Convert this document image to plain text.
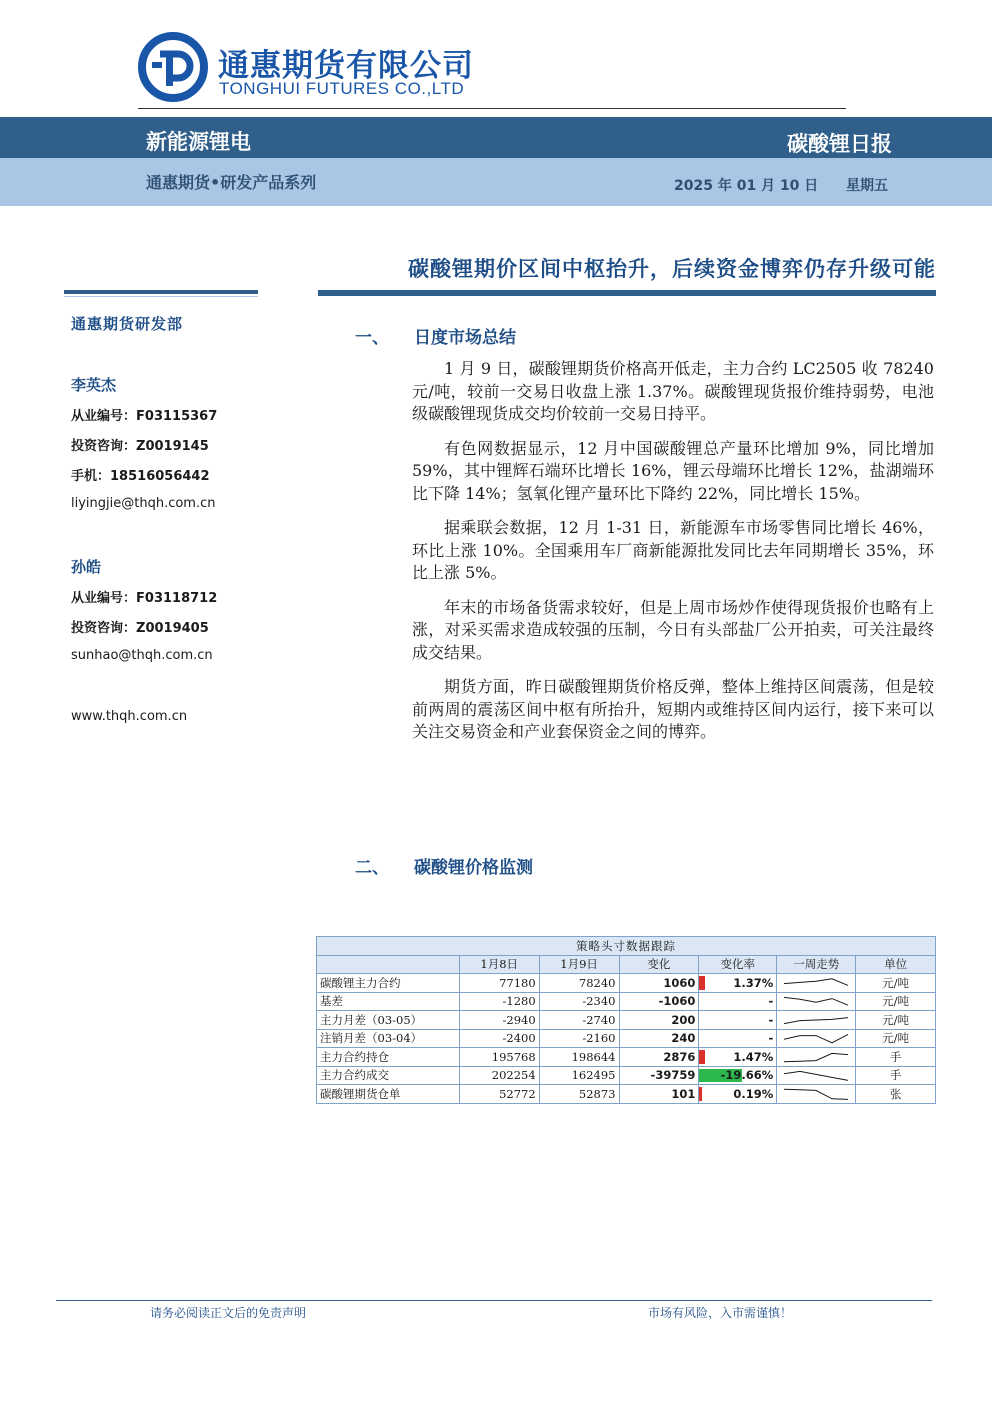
通惠期货有限公司
TONGHUI FUTURES CO.,LTD
新能源锂电	碳酸锂日报
通惠期货•研发产品系列	2025 年 01 月 10 日 星期五
碳酸锂期价区间中枢抬升，后续资金博弈仍存升级可能
通惠期货研发部
李英杰
从业编号：F03115367
投资咨询：Z0019145
手机：18516056442
liyingjie@thqh.com.cn
孙皓
从业编号：F03118712
投资咨询：Z0019405
sunhao@thqh.com.cn
www.thqh.com.cn
一、 日度市场总结

1 月 9 日，碳酸锂期货价格高开低走，主力合约 LC2505 收 78240 元/吨，较前一交易日收盘上涨 1.37%。碳酸锂现货报价维持弱势，电池级碳酸锂现货成交均价较前一交易日持平。

有色网数据显示，12 月中国碳酸锂总产量环比增加 9%，同比增加 59%，其中锂辉石端环比增长 16%，锂云母端环比增长 12%，盐湖端环比下降 14%；氢氧化锂产量环比下降约 22%，同比增长 15%。

据乘联会数据，12 月 1-31 日，新能源车市场零售同比增长 46%，环比上涨 10%。全国乘用车厂商新能源批发同比去年同期增长 35%，环比上涨 5%。

年末的市场备货需求较好，但是上周市场炒作使得现货报价也略有上涨，对采买需求造成较强的压制，今日有头部盐厂公开拍卖，可关注最终成交结果。

期货方面，昨日碳酸锂期货价格反弹，整体上维持区间震荡，但是较前两周的震荡区间中枢有所抬升，短期内或维持区间内运行，接下来可以关注交易资金和产业套保资金之间的博弈。

二、 碳酸锂价格监测
策略头寸数据跟踪						
	1月8日	1月9日	变化	变化率	一周走势	单位
碳酸锂主力合约	77180	78240	1060	1.37%		元/吨
基差	-1280	-2340	-1060	-		元/吨
主力月差（03-05）	-2940	-2740	200	-		元/吨
注销月差（03-04）	-2400	-2160	240	-		元/吨
主力合约持仓	195768	198644	2876	1.47%		手
主力合约成交	202254	162495	-39759	-19.66%		手
碳酸锂期货仓单	52772	52873	101	0.19%		张
请务必阅读正文后的免责声明	市场有风险，入市需谨慎！
